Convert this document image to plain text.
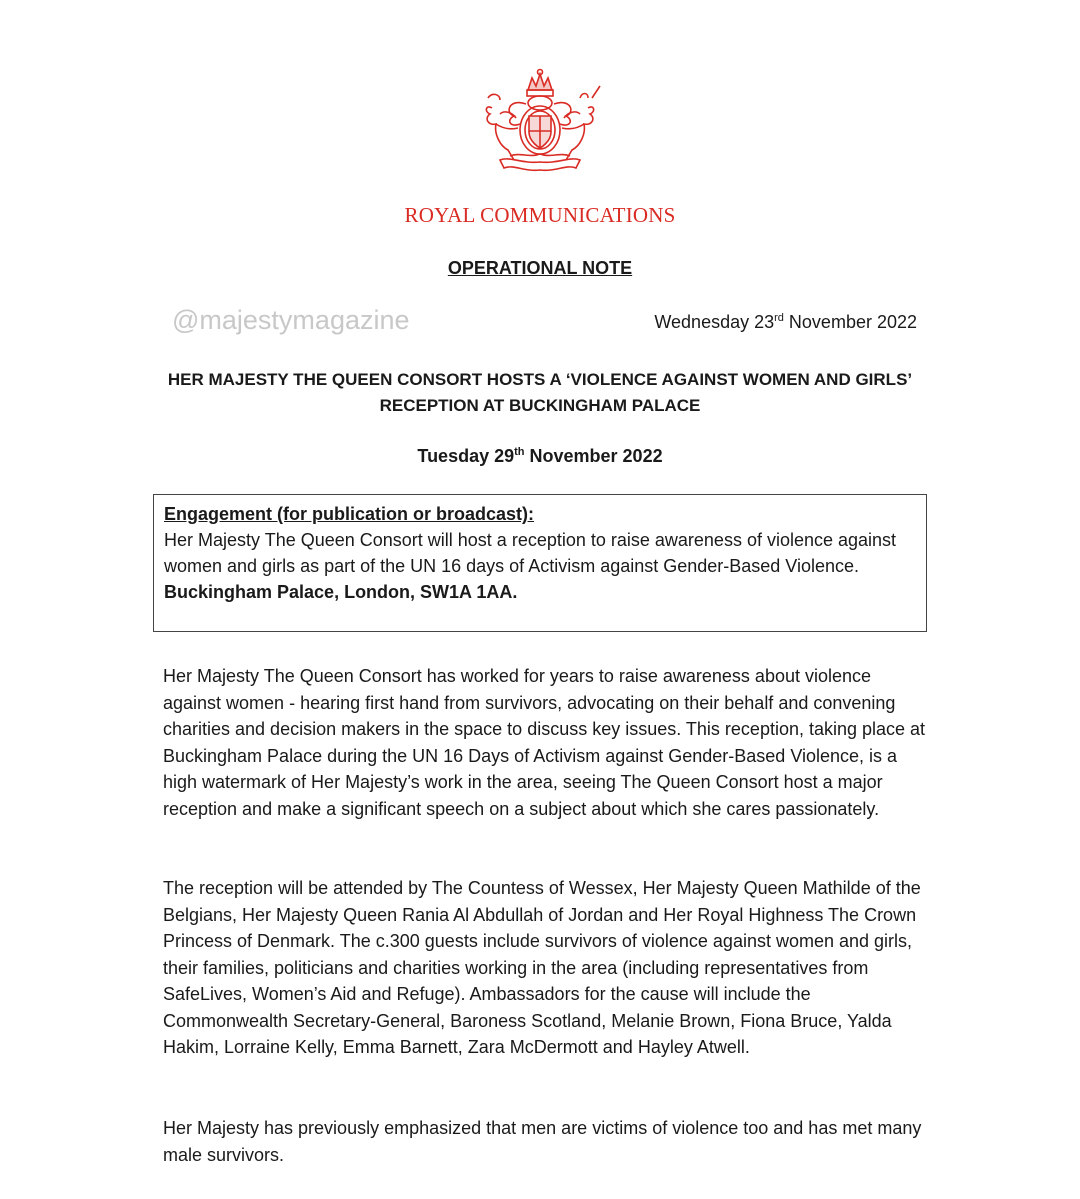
ROYAL COMMUNICATIONS
OPERATIONAL NOTE
@majestymagazine	Wednesday 23rd November 2022
HER MAJESTY THE QUEEN CONSORT HOSTS A ‘VIOLENCE AGAINST WOMEN AND GIRLS’ RECEPTION AT BUCKINGHAM PALACE
Tuesday 29th November 2022
Engagement (for publication or broadcast):
Her Majesty The Queen Consort will host a reception to raise awareness of violence against women and girls as part of the UN 16 days of Activism against Gender-Based Violence. Buckingham Palace, London, SW1A 1AA.
Her Majesty The Queen Consort has worked for years to raise awareness about violence against women - hearing first hand from survivors, advocating on their behalf and convening charities and decision makers in the space to discuss key issues. This reception, taking place at Buckingham Palace during the UN 16 Days of Activism against Gender-Based Violence, is a high watermark of Her Majesty’s work in the area, seeing The Queen Consort host a major reception and make a significant speech on a subject about which she cares passionately.
The reception will be attended by The Countess of Wessex, Her Majesty Queen Mathilde of the Belgians, Her Majesty Queen Rania Al Abdullah of Jordan and Her Royal Highness The Crown Princess of Denmark. The c.300 guests include survivors of violence against women and girls, their families, politicians and charities working in the area (including representatives from SafeLives, Women’s Aid and Refuge). Ambassadors for the cause will include the Commonwealth Secretary-General, Baroness Scotland, Melanie Brown, Fiona Bruce, Yalda Hakim, Lorraine Kelly, Emma Barnett, Zara McDermott and Hayley Atwell.
Her Majesty has previously emphasized that men are victims of violence too and has met many male survivors.
